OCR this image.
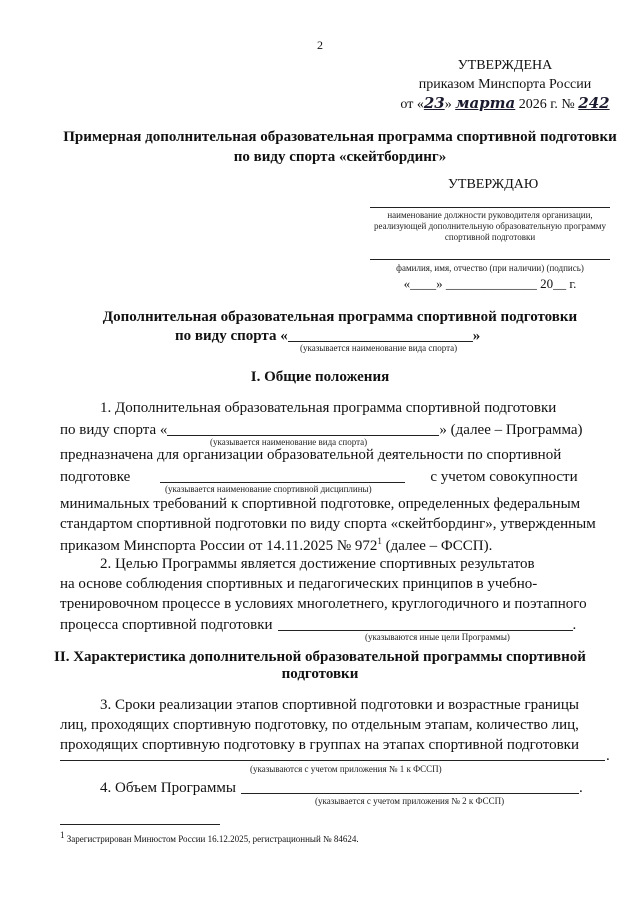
2
УТВЕРЖДЕНА
приказом Минспорта России
от «23» марта 2026 г. № 242
Примерная дополнительная образовательная программа спортивной подготовки по виду спорта «скейтбординг»
УТВЕРЖДАЮ
наименование должности руководителя организации, реализующей дополнительную образовательную программу спортивной подготовки
фамилия, имя, отчество (при наличии) (подпись)
«____» ______________ 20__ г.
Дополнительная образовательная программа спортивной подготовки
по виду спорта «	»
(указывается наименование вида спорта)
I. Общие положения
1. Дополнительная образовательная программа спортивной подготовки
по виду спорта «	» (далее – Программа)
(указывается наименование вида спорта)
предназначена для организации образовательной деятельности по спортивной
подготовке	с учетом совокупности
(указывается наименование спортивной дисциплины)
минимальных требований к спортивной подготовке, определенных федеральным
стандартом спортивной подготовки по виду спорта «скейтбординг», утвержденным
приказом Минспорта России от 14.11.2025 № $972^1$ (далее – ФССП).
2. Целью Программы является достижение спортивных результатов
на основе соблюдения спортивных и педагогических принципов в учебно-
тренировочном процессе в условиях многолетнего, круглогодичного и поэтапного
процесса спортивной подготовки	.
(указываются иные цели Программы)
II. Характеристика дополнительной образовательной программы спортивной
подготовки
3. Сроки реализации этапов спортивной подготовки и возрастные границы
лиц, проходящих спортивную подготовку, по отдельным этапам, количество лиц,
проходящих спортивную подготовку в группах на этапах спортивной подготовки
.
(указываются с учетом приложения № 1 к ФССП)
4. Объем Программы	.
(указывается с учетом приложения № 2 к ФССП)
$^1$ Зарегистрирован Минюстом России 16.12.2025, регистрационный № 84624.
